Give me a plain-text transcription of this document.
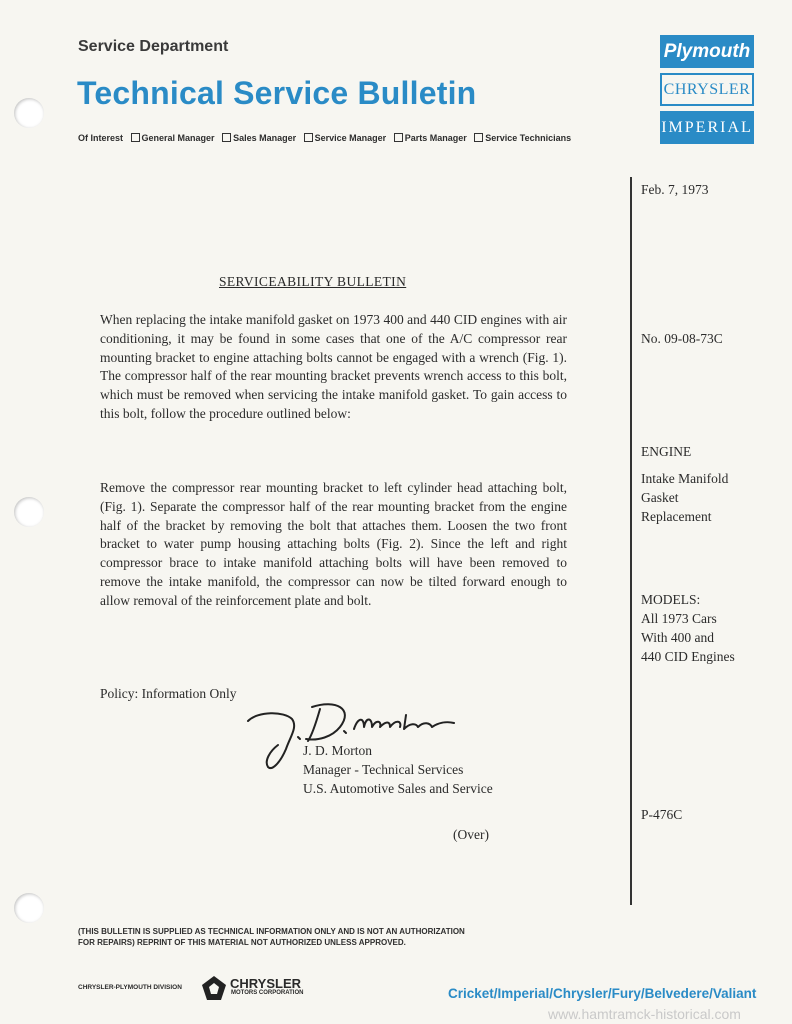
Service Department
Technical Service Bulletin
Of Interest General Manager Sales Manager Service Manager Parts Manager Service Technicians
Plymouth
CHRYSLER
IMPERIAL
Feb. 7, 1973
No. 09-08-73C
ENGINE
Intake Manifold
Gasket
Replacement
MODELS:
All 1973 Cars
With 400 and
440 CID Engines
P-476C
SERVICEABILITY BULLETIN
When replacing the intake manifold gasket on 1973 400 and 440 CID engines with air conditioning, it may be found in some cases that one of the A/C compressor rear mounting bracket to engine attaching bolts cannot be engaged with a wrench (Fig. 1). The compressor half of the rear mounting bracket prevents wrench access to this bolt, which must be removed when servicing the intake manifold gasket. To gain access to this bolt, follow the procedure outlined below:
Remove the compressor rear mounting bracket to left cylinder head attaching bolt, (Fig. 1). Separate the compressor half of the rear mounting bracket from the engine half of the bracket by removing the bolt that attaches them. Loosen the two front bracket to water pump housing attaching bolts (Fig. 2). Since the left and right compressor brace to intake manifold attaching bolts will have been removed to remove the intake manifold, the compressor can now be tilted forward enough to allow removal of the reinforcement plate and bolt.
Policy: Information Only
J. D. Morton
Manager - Technical Services
U.S. Automotive Sales and Service
(Over)
(THIS BULLETIN IS SUPPLIED AS TECHNICAL INFORMATION ONLY AND IS NOT AN AUTHORIZATION
FOR REPAIRS) REPRINT OF THIS MATERIAL NOT AUTHORIZED UNLESS APPROVED.
CHRYSLER-PLYMOUTH DIVISION	CHRYSLER
MOTORS CORPORATION	Cricket/Imperial/Chrysler/Fury/Belvedere/Valiant
www.hamtramck-historical.com
